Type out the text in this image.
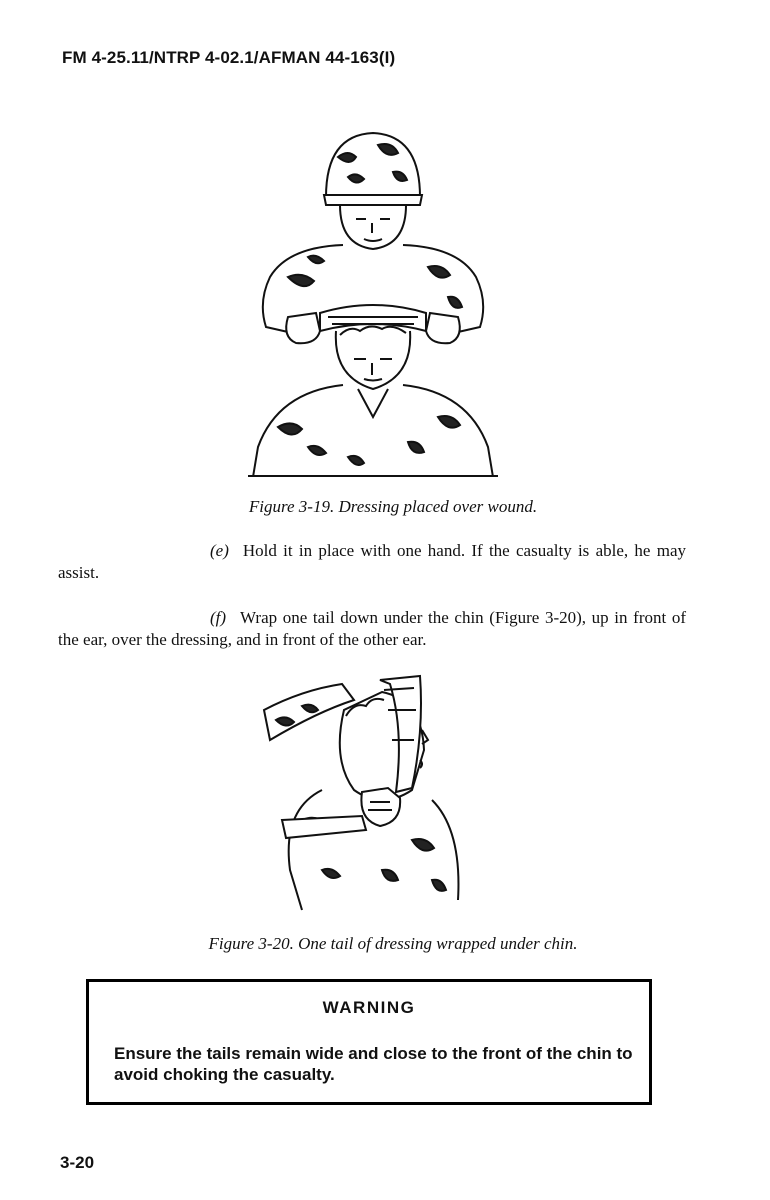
FM 4-25.11/NTRP 4-02.1/AFMAN 44-163(I)
Figure 3-19. Dressing placed over wound.
(e) Hold it in place with one hand. If the casualty is able, he may assist.
(f) Wrap one tail down under the chin (Figure 3-20), up in front of the ear, over the dressing, and in front of the other ear.
Figure 3-20. One tail of dressing wrapped under chin.
WARNING
Ensure the tails remain wide and close to the front of the chin to avoid choking the casualty.
3-20
